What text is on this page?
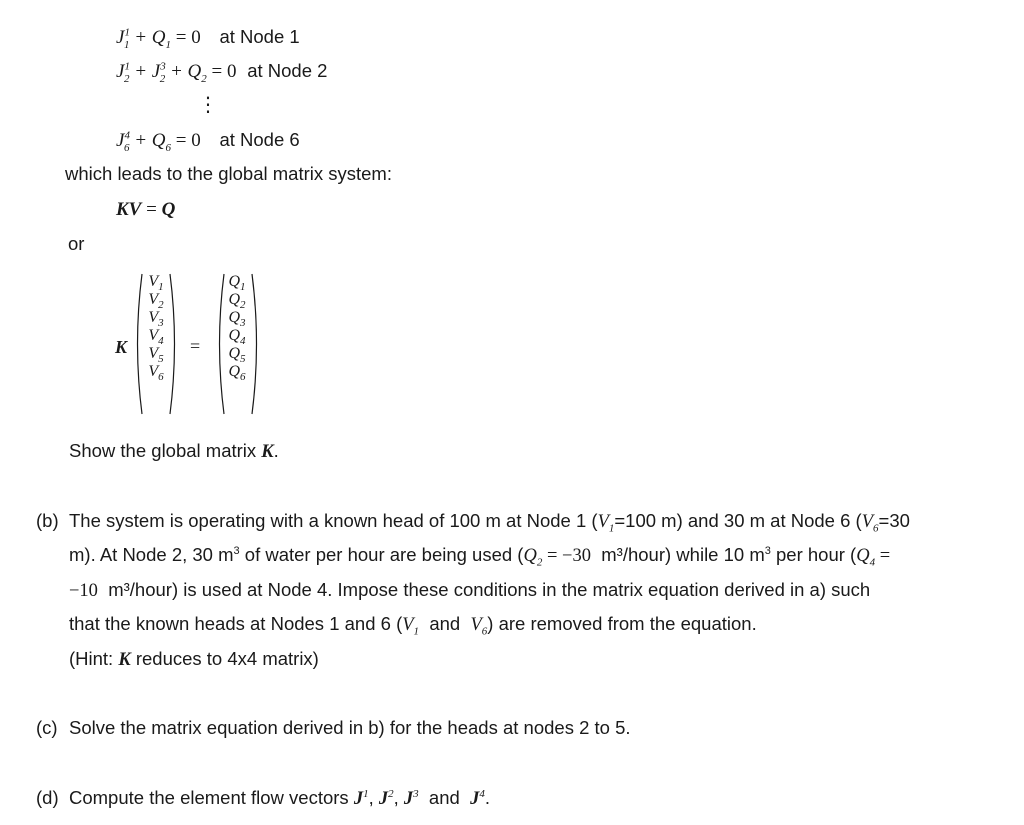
$J^1_1 + Q_1 = 0$ at Node 1
$J^1_2 + J^3_2 + Q_2 = 0$ at Node 2
⋮
$J^4_6 + Q_6 = 0$ at Node 6
which leads to the global matrix system:
KV = Q
or
K
$V_1$
$V_2$
$V_3$
$V_4$
$V_5$
$V_6$
=
$Q_1$
$Q_2$
$Q_3$
$Q_4$
$Q_5$
$Q_6$
Show the global matrix K.
(b) The system is operating with a known head of 100 m at Node 1 ($V_1=100$ m) and 30 m at Node 6 ($V_6=30$
m). At Node 2, 30 $m^3$ of water per hour are being used ($Q_2 = -30$ m³/hour) while 10 $m^3$ per hour ($Q_4$ =
−10 m³/hour) is used at Node 4. Impose these conditions in the matrix equation derived in a) such
that the known heads at Nodes 1 and 6 ($V_1$ and $V_6$) are removed from the equation.
(Hint: K reduces to 4x4 matrix)
(c) Solve the matrix equation derived in b) for the heads at nodes 2 to 5.
(d) Compute the element flow vectors $J^1$, $J^2$, $J^3$ and $J^4$.
